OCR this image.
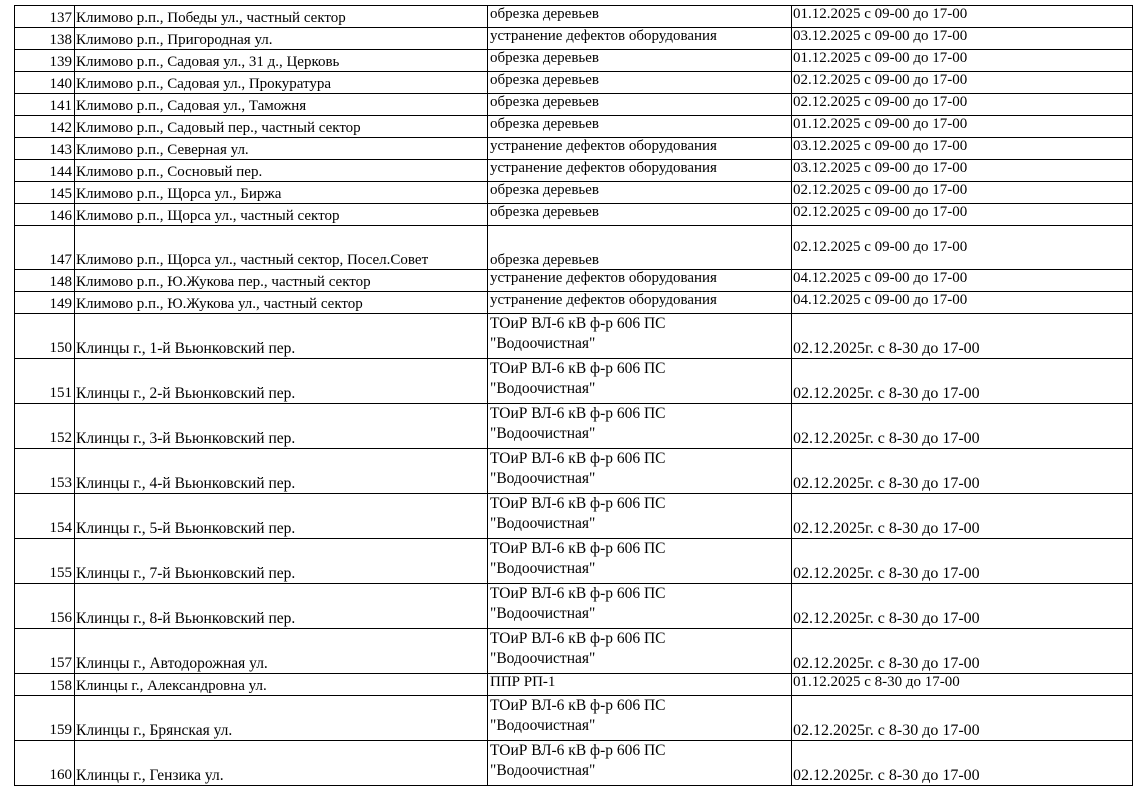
137	Климово р.п., Победы ул., частный сектор	обрезка деревьев	01.12.2025 с 09-00 до 17-00
138	Климово р.п., Пригородная ул.	устранение дефектов оборудования	03.12.2025 с 09-00 до 17-00
139	Климово р.п., Садовая ул., 31 д., Церковь	обрезка деревьев	01.12.2025 с 09-00 до 17-00
140	Климово р.п., Садовая ул., Прокуратура	обрезка деревьев	02.12.2025 с 09-00 до 17-00
141	Климово р.п., Садовая ул., Таможня	обрезка деревьев	02.12.2025 с 09-00 до 17-00
142	Климово р.п., Садовый пер., частный сектор	обрезка деревьев	01.12.2025 с 09-00 до 17-00
143	Климово р.п., Северная ул.	устранение дефектов оборудования	03.12.2025 с 09-00 до 17-00
144	Климово р.п., Сосновый пер.	устранение дефектов оборудования	03.12.2025 с 09-00 до 17-00
145	Климово р.п., Щорса ул., Биржа	обрезка деревьев	02.12.2025 с 09-00 до 17-00
146	Климово р.п., Щорса ул., частный сектор	обрезка деревьев	02.12.2025 с 09-00 до 17-00
147	Климово р.п., Щорса ул., частный сектор, Посел.Совет	обрезка деревьев	02.12.2025 с 09-00 до 17-00
148	Климово р.п., Ю.Жукова пер., частный сектор	устранение дефектов оборудования	04.12.2025 с 09-00 до 17-00
149	Климово р.п., Ю.Жукова ул., частный сектор	устранение дефектов оборудования	04.12.2025 с 09-00 до 17-00
150	Клинцы г., 1-й Вьюнковский пер.	ТОиР ВЛ-6 кВ ф-р 606 ПС
"Водоочистная"	02.12.2025г. с 8-30 до 17-00
151	Клинцы г., 2-й Вьюнковский пер.	ТОиР ВЛ-6 кВ ф-р 606 ПС
"Водоочистная"	02.12.2025г. с 8-30 до 17-00
152	Клинцы г., 3-й Вьюнковский пер.	ТОиР ВЛ-6 кВ ф-р 606 ПС
"Водоочистная"	02.12.2025г. с 8-30 до 17-00
153	Клинцы г., 4-й Вьюнковский пер.	ТОиР ВЛ-6 кВ ф-р 606 ПС
"Водоочистная"	02.12.2025г. с 8-30 до 17-00
154	Клинцы г., 5-й Вьюнковский пер.	ТОиР ВЛ-6 кВ ф-р 606 ПС
"Водоочистная"	02.12.2025г. с 8-30 до 17-00
155	Клинцы г., 7-й Вьюнковский пер.	ТОиР ВЛ-6 кВ ф-р 606 ПС
"Водоочистная"	02.12.2025г. с 8-30 до 17-00
156	Клинцы г., 8-й Вьюнковский пер.	ТОиР ВЛ-6 кВ ф-р 606 ПС
"Водоочистная"	02.12.2025г. с 8-30 до 17-00
157	Клинцы г., Автодорожная ул.	ТОиР ВЛ-6 кВ ф-р 606 ПС
"Водоочистная"	02.12.2025г. с 8-30 до 17-00
158	Клинцы г., Александровна ул.	ППР РП-1	01.12.2025 с 8-30 до 17-00
159	Клинцы г., Брянская ул.	ТОиР ВЛ-6 кВ ф-р 606 ПС
"Водоочистная"	02.12.2025г. с 8-30 до 17-00
160	Клинцы г., Гензика ул.	ТОиР ВЛ-6 кВ ф-р 606 ПС
"Водоочистная"	02.12.2025г. с 8-30 до 17-00
